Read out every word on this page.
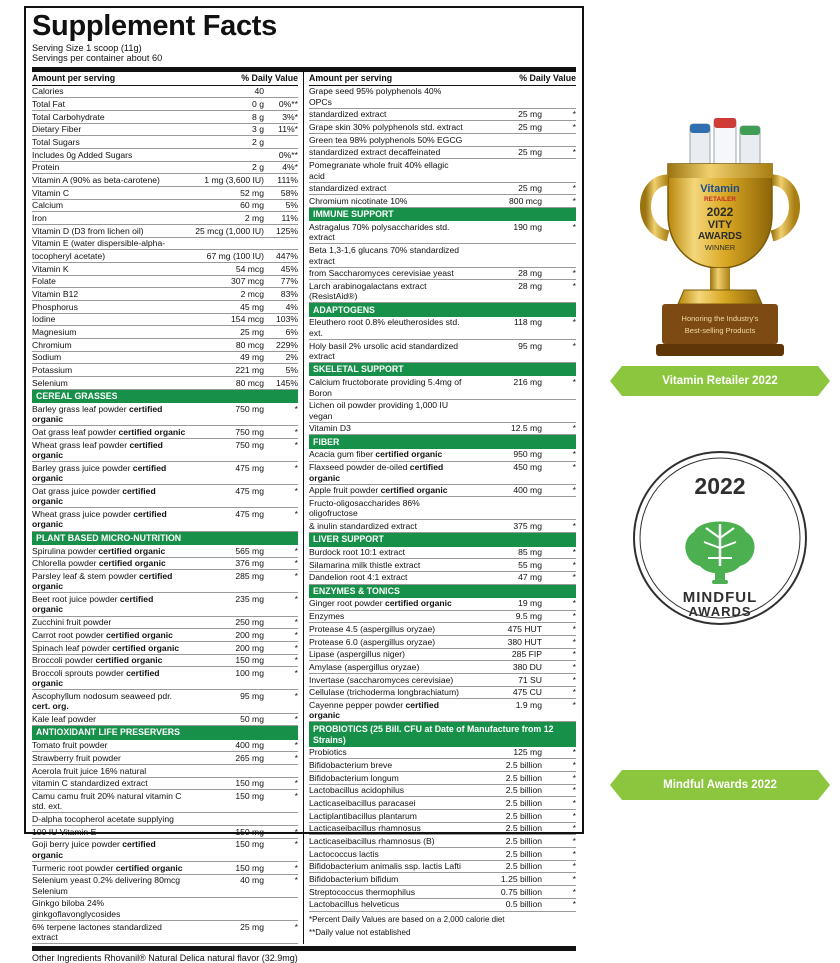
Supplement Facts
Serving Size 1 scoop (11g)
Servings per container about 60
Amount per serving	% Daily Value	
Calories	40	
Total Fat	0 g	0%**
Total Carbohydrate	8 g	3%*
Dietary Fiber	3 g	11%*
Total Sugars	2 g	
Includes 0g Added Sugars		0%**
Protein	2 g	4%*
Vitamin A (90% as beta-carotene)	1 mg (3,600 IU)	111%
Vitamin C	52 mg	58%
Calcium	60 mg	5%
Iron	2 mg	11%
Vitamin D (D3 from lichen oil)	25 mcg (1,000 IU)	125%
Vitamin E (water dispersible-alpha-		
tocopheryl acetate)	67 mg (100 IU)	447%
Vitamin K	54 mcg	45%
Folate	307 mcg	77%
Vitamin B12	2 mcg	83%
Phosphorus	45 mg	4%
Iodine	154 mcg	103%
Magnesium	25 mg	6%
Chromium	80 mcg	229%
Sodium	49 mg	2%
Potassium	221 mg	5%
Selenium	80 mcg	145%

CEREAL GRASSES		

Barley grass leaf powder certified organic	750 mg	*
Oat grass leaf powder certified organic	750 mg	*
Wheat grass leaf powder certified organic	750 mg	*
Barley grass juice powder certified organic	475 mg	*
Oat grass juice powder certified organic	475 mg	*
Wheat grass juice powder certified organic	475 mg	*

PLANT BASED MICRO-NUTRITION		

Spirulina powder certified organic	565 mg	*
Chlorella powder certified organic	376 mg	*
Parsley leaf & stem powder certified organic	285 mg	*
Beet root juice powder certified organic	235 mg	*
Zucchini fruit powder	250 mg	*
Carrot root powder certified organic	200 mg	*
Spinach leaf powder certified organic	200 mg	*
Broccoli powder certified organic	150 mg	*
Broccoli sprouts powder certified organic	100 mg	*
Ascophyllum nodosum seaweed pdr. cert. org.	95 mg	*
Kale leaf powder	50 mg	*

ANTIOXIDANT LIFE PRESERVERS		

Tomato fruit powder	400 mg	*
Strawberry fruit powder	265 mg	*
Acerola fruit juice 16% natural		
vitamin C standardized extract	150 mg	*
Camu camu fruit 20% natural vitamin C std. ext.	150 mg	*
D-alpha tocopherol acetate supplying		
100 IU Vitamin E	150 mg	*
Goji berry juice powder certified organic	150 mg	*
Turmeric root powder certified organic	150 mg	*
Selenium yeast 0.2% delivering 80mcg Selenium	40 mg	*
Ginkgo biloba 24% ginkgoflavonglycosides		
6% terpene lactones standardized extract	25 mg	*
Amount per serving	% Daily Value	
Grape seed 95% polyphenols 40% OPCs		
standardized extract	25 mg	*
Grape skin 30% polyphenols std. extract	25 mg	*
Green tea 98% polyphenols 50% EGCG		
standardized extract decaffeinated	25 mg	*
Pomegranate whole fruit 40% ellagic acid		
standardized extract	25 mg	*
Chromium nicotinate 10%	800 mcg	*

IMMUNE SUPPORT		

Astragalus 70% polysaccharides std. extract	190 mg	*
Beta 1,3-1,6 glucans 70% standardized extract		
from Saccharomyces cerevisiae yeast	28 mg	*
Larch arabinogalactans extract (ResistAid®)	28 mg	*

ADAPTOGENS		

Eleuthero root 0.8% eleutherosides std. ext.	118 mg	*
Holy basil 2% ursolic acid standardized extract	95 mg	*

SKELETAL SUPPORT		

Calcium fructoborate providing 5.4mg of Boron	216 mg	*
Lichen oil powder providing 1,000 IU vegan		
Vitamin D3	12.5 mg	*

FIBER		

Acacia gum fiber certified organic	950 mg	*
Flaxseed powder de-oiled certified organic	450 mg	*
Apple fruit powder certified organic	400 mg	*
Fructo-oligosaccharides 86% oligofructose		
& inulin standardized extract	375 mg	*

LIVER SUPPORT		

Burdock root 10:1 extract	85 mg	*
Silamarina milk thistle extract	55 mg	*
Dandelion root 4:1 extract	47 mg	*

ENZYMES & TONICS		

Ginger root powder certified organic	19 mg	*
Enzymes	9.5 mg	*
Protease 4.5 (aspergillus oryzae)	475 HUT	*
Protease 6.0 (aspergillus oryzae)	380 HUT	*
Lipase (aspergillus niger)	285 FIP	*
Amylase (aspergillus oryzae)	380 DU	*
Invertase (saccharomyces cerevisiae)	71 SU	*
Cellulase (trichoderma longbrachiatum)	475 CU	*
Cayenne pepper powder certified organic	1.9 mg	*

PROBIOTICS (25 Bill. CFU at Date of Manufacture from 12 Strains)		

Probiotics	125 mg	*
Bifidobacterium breve	2.5 billion	*
Bifidobacterium longum	2.5 billion	*
Lactobacillus acidophilus	2.5 billion	*
Lacticaseibacillus paracasei	2.5 billion	*
Lactiplantibacillus plantarum	2.5 billion	*
Lacticaseibacillus rhamnosus	2.5 billion	*
Lacticaseibacillus rhamnosus (B)	2.5 billion	*
Lactococcus lactis	2.5 billion	*
Bifidobacterium animalis ssp. lactis Lafti	2.5 billion	*
Bifidobacterium bifidum	1.25 billion	*
Streptococcus thermophilus	0.75 billion	*
Lactobacillus helveticus	0.5 billion	*
*Percent Daily Values are based on a 2,000 calorie diet
**Daily value not established
Other Ingredients Rhovanil® Natural Delica natural flavor (32.9mg)
Vitamin
RETAILER
2022
VITY
AWARDS
WINNER
Honoring the Industry's
Best-selling Products
Vitamin Retailer 2022
2022
MINDFUL
AWARDS
Mindful Awards 2022
